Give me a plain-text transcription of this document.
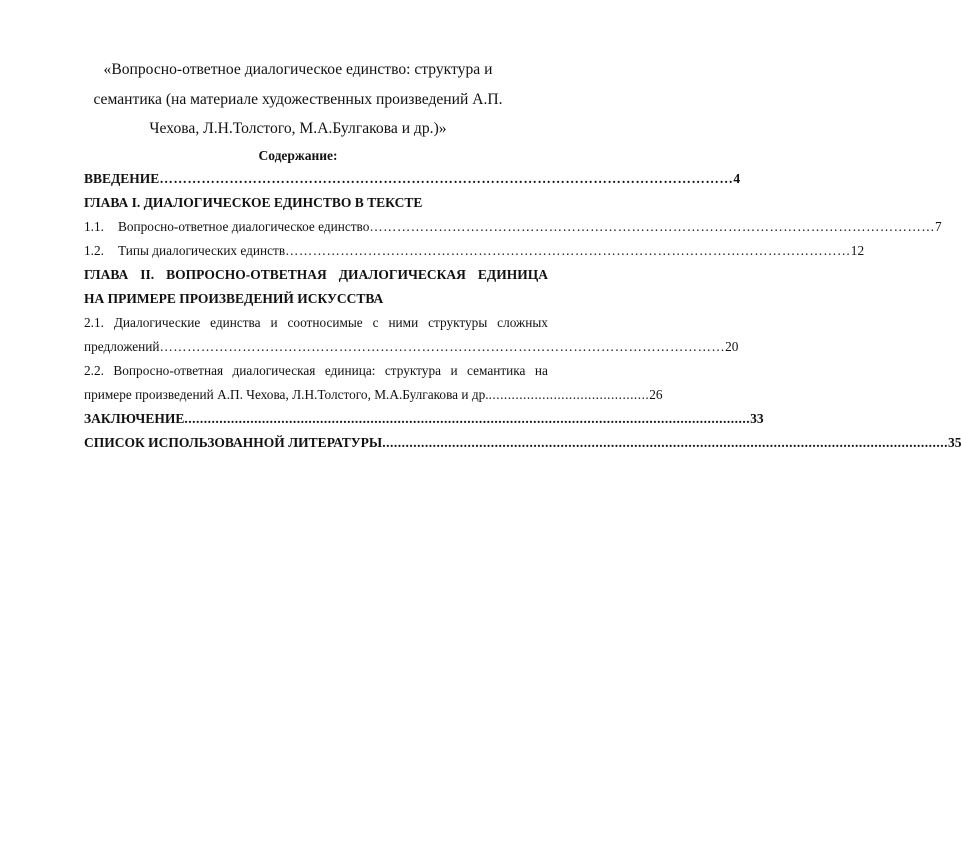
«Вопросно-ответное диалогическое единство: структура и
семантика (на материале художественных произведений А.П.
Чехова, Л.Н.Толстого, М.А.Булгакова и др.)»
Содержание:
ВВЕДЕНИЕ …………………………………………………………………………………………………………… 4
ГЛАВА I. ДИАЛОГИЧЕСКОЕ ЕДИНСТВО В ТЕКСТЕ
1.1. Вопросно-ответное диалогическое единство …………………………………………………………………………………………………………… 7
1.2. Типы диалогических единств …………………………………………………………………………………………………………… 12
ГЛАВА II. ВОПРОСНО-ОТВЕТНАЯ ДИАЛОГИЧЕСКАЯ ЕДИНИЦА
НА ПРИМЕРЕ ПРОИЗВЕДЕНИЙ ИСКУССТВА
2.1. Диалогические единства и соотносимые с ними структуры сложных
предложений …………………………………………………………………………………………………………… 20
2.2. Вопросно-ответная диалогическая единица: структура и семантика на
примере произведений А.П. Чехова, Л.Н.Толстого, М.А.Булгакова и др. .......................................... 26
ЗАКЛЮЧЕНИЕ .................................................................................................................................................. 33
СПИСОК ИСПОЛЬЗОВАННОЙ ЛИТЕРАТУРЫ .................................................................................................................................................. 35
